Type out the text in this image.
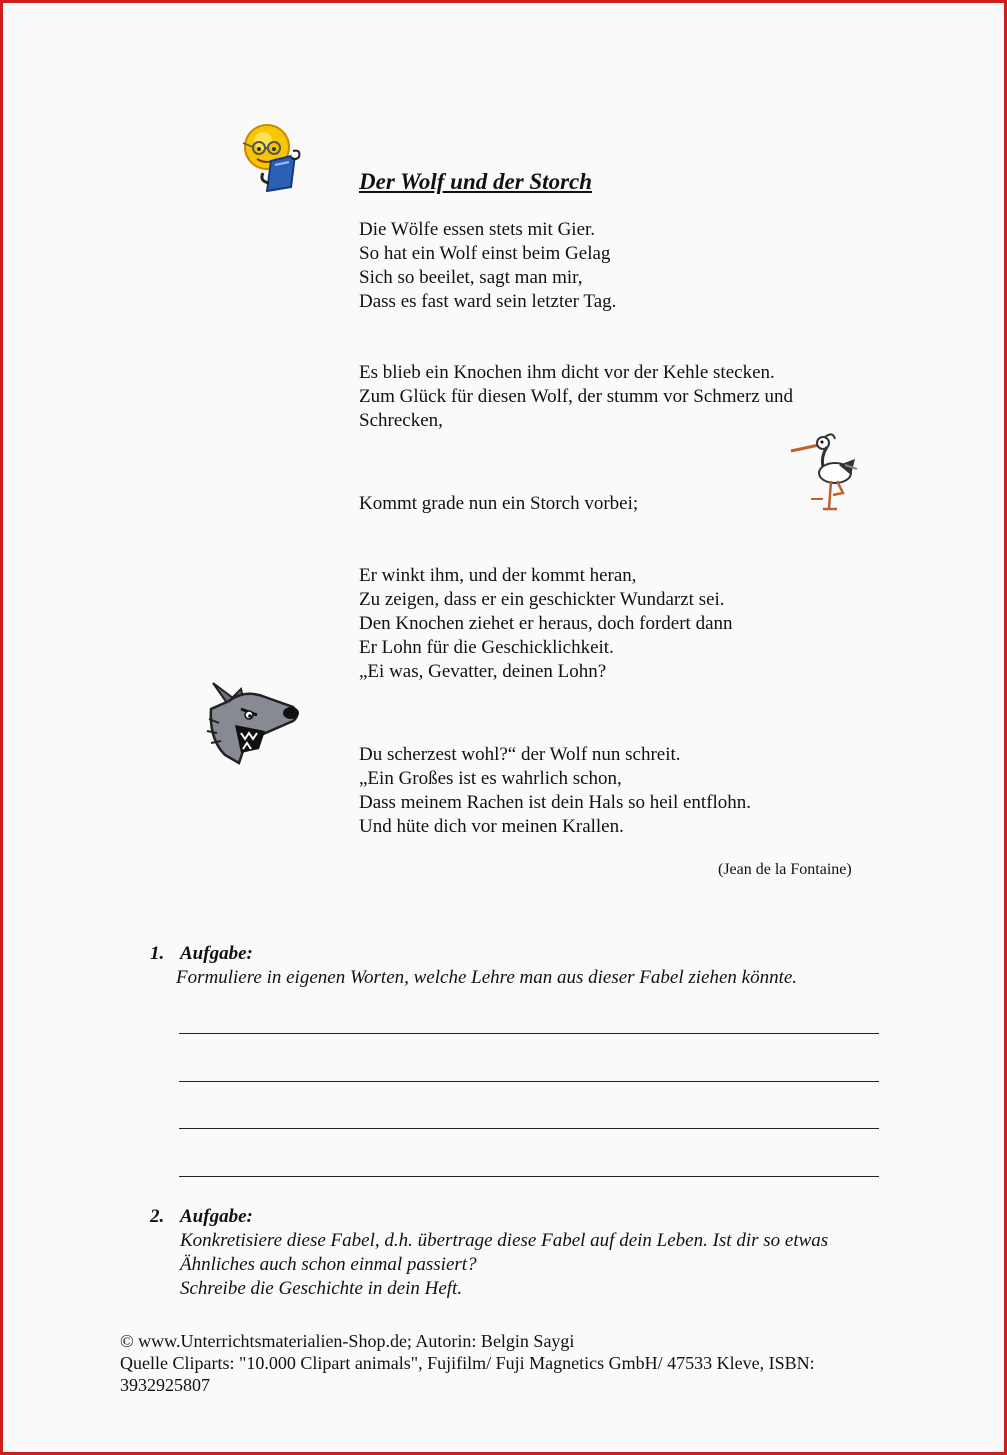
Der Wolf und der Storch
Die Wölfe essen stets mit Gier.
So hat ein Wolf einst beim Gelag
Sich so beeilet, sagt man mir,
Dass es fast ward sein letzter Tag.
Es blieb ein Knochen ihm dicht vor der Kehle stecken.
Zum Glück für diesen Wolf, der stumm vor Schmerz und
Schrecken,
Kommt grade nun ein Storch vorbei;
Er winkt ihm, und der kommt heran,
Zu zeigen, dass er ein geschickter Wundarzt sei.
Den Knochen ziehet er heraus, doch fordert dann
Er Lohn für die Geschicklichkeit.
„Ei was, Gevatter, deinen Lohn?
Du scherzest wohl?“ der Wolf nun schreit.
„Ein Großes ist es wahrlich schon,
Dass meinem Rachen ist dein Hals so heil entflohn.
Und hüte dich vor meinen Krallen.
(Jean de la Fontaine)
1. Aufgabe:
Formuliere in eigenen Worten, welche Lehre man aus dieser Fabel ziehen könnte.
2. Aufgabe:
Konkretisiere diese Fabel, d.h. übertrage diese Fabel auf dein Leben. Ist dir so etwas
Ähnliches auch schon einmal passiert?
Schreibe die Geschichte in dein Heft.
© www.Unterrichtsmaterialien-Shop.de; Autorin: Belgin Saygi
Quelle Cliparts: "10.000 Clipart animals", Fujifilm/ Fuji Magnetics GmbH/ 47533 Kleve, ISBN:
3932925807
